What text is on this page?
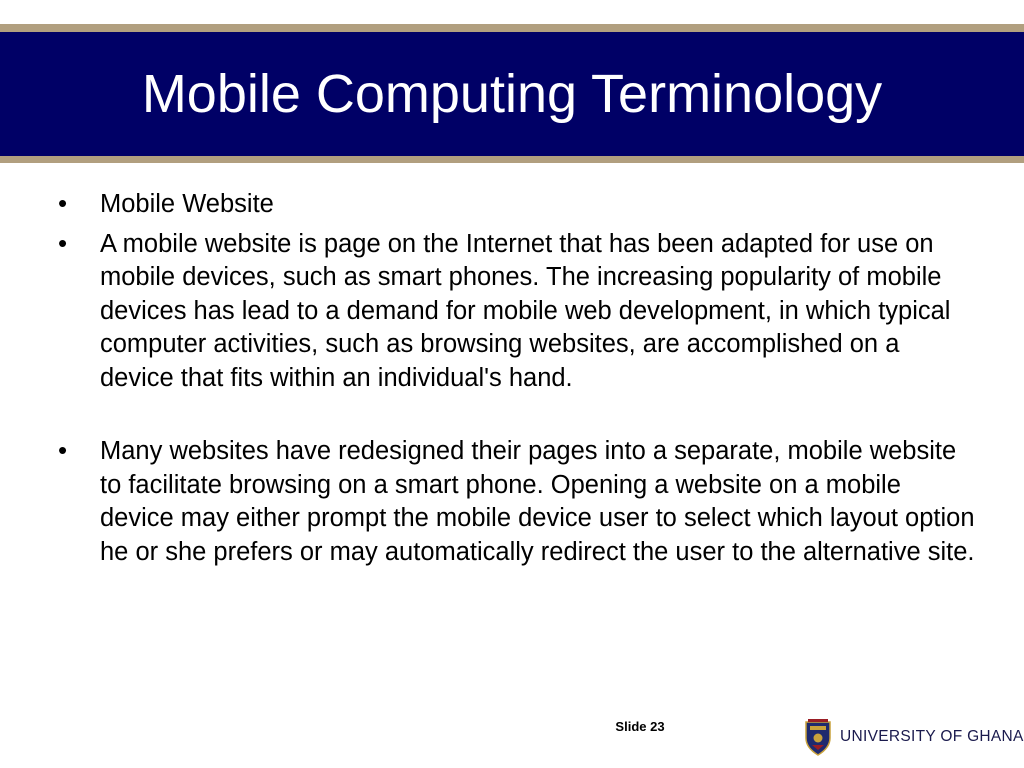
Mobile Computing Terminology
•	Mobile Website
•	A mobile website is page on the Internet that has been adapted for use on mobile devices, such as smart phones. The increasing popularity of mobile devices has lead to a demand for mobile web development, in which typical computer activities, such as browsing websites, are accomplished on a device that fits within an individual's hand.
•	Many websites have redesigned their pages into a separate, mobile website to facilitate browsing on a smart phone. Opening a website on a mobile device may either prompt the mobile device user to select which layout option he or she prefers or may automatically redirect the user to the alternative site.
Slide 23
UNIVERSITY OF GHANA
